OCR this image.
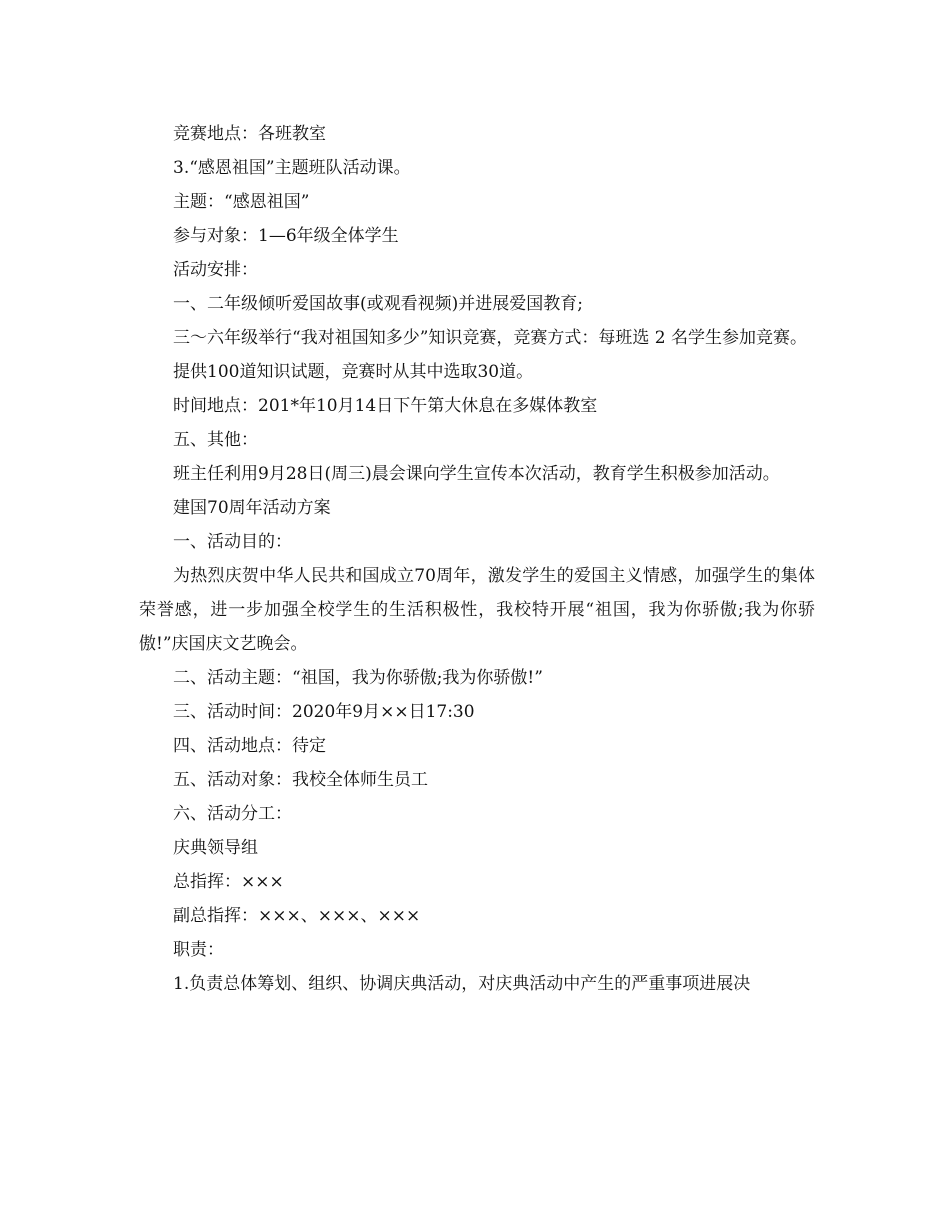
竞赛地点：各班教室

3.“感恩祖国”主题班队活动课。

主题：“感恩祖国”

参与对象：1—6年级全体学生

活动安排：

一、二年级倾听爱国故事(或观看视频)并进展爱国教育;

三～六年级举行“我对祖国知多少”知识竞赛，竞赛方式：每班选 2 名学生参加竞赛。

提供100道知识试题，竞赛时从其中选取30道。

时间地点：201*年10月14日下午第大休息在多媒体教室

五、其他：

班主任利用9月28日(周三)晨会课向学生宣传本次活动，教育学生积极参加活动。

建国70周年活动方案

一、活动目的：

为热烈庆贺中华人民共和国成立70周年，激发学生的爱国主义情感，加强学生的集体荣誉感，进一步加强全校学生的生活积极性，我校特开展“祖国，我为你骄傲;我为你骄傲!”庆国庆文艺晚会。

二、活动主题：“祖国，我为你骄傲;我为你骄傲!”

三、活动时间：2020年9月××日17:30

四、活动地点：待定

五、活动对象：我校全体师生员工

六、活动分工：

庆典领导组

总指挥：×××

副总指挥：×××、×××、×××

职责：

1.负责总体筹划、组织、协调庆典活动，对庆典活动中产生的严重事项进展决
